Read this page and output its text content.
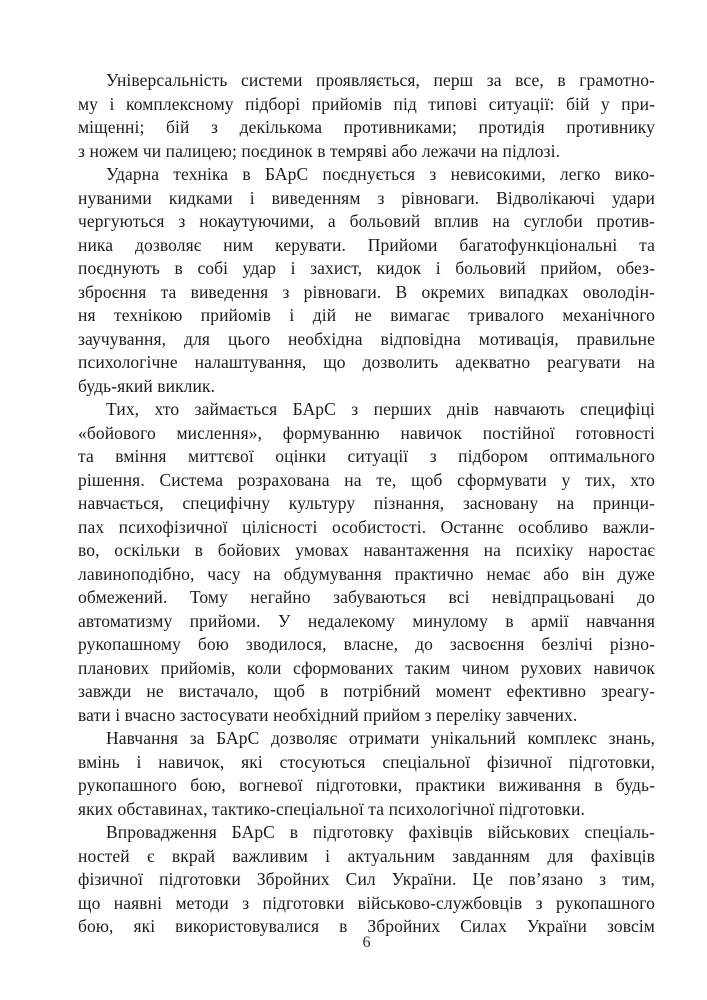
Універсальність системи проявляється, перш за все, в грамотно-
му і комплексному підборі прийомів під типові ситуації: бій у при-
міщенні; бій з декількома противниками; протидія противнику
з ножем чи палицею; поєдинок в темряві або лежачи на підлозі.
Ударна техніка в БАрС поєднується з невисокими, легко вико-
нуваними кидками і виведенням з рівноваги. Відволікаючі удари
чергуються з нокаутуючими, а больовий вплив на суглоби против-
ника дозволяє ним керувати. Прийоми багатофункціональні та
поєднують в собі удар і захист, кидок і больовий прийом, обез-
зброєння та виведення з рівноваги. В окремих випадках оволодін-
ня технікою прийомів і дій не вимагає тривалого механічного
заучування, для цього необхідна відповідна мотивація, правильне
психологічне налаштування, що дозволить адекватно реагувати на
будь-який виклик.
Тих, хто займається БАрС з перших днів навчають специфіці
«бойового мислення», формуванню навичок постійної готовності
та вміння миттєвої оцінки ситуації з підбором оптимального
рішення. Система розрахована на те, щоб сформувати у тих, хто
навчається, специфічну культуру пізнання, засновану на принци-
пах психофізичної цілісності особистості. Останнє особливо важли-
во, оскільки в бойових умовах навантаження на психіку наростає
лавиноподібно, часу на обдумування практично немає або він дуже
обмежений. Тому негайно забуваються всі невідпрацьовані до
автоматизму прийоми. У недалекому минулому в армії навчання
рукопашному бою зводилося, власне, до засвоєння безлічі різно-
планових прийомів, коли сформованих таким чином рухових навичок
завжди не вистачало, щоб в потрібний момент ефективно зреагу-
вати і вчасно застосувати необхідний прийом з переліку завчених.
Навчання за БАрС дозволяє отримати унікальний комплекс знань,
вмінь і навичок, які стосуються спеціальної фізичної підготовки,
рукопашного бою, вогневої підготовки, практики виживання в будь-
яких обставинах, тактико-спеціальної та психологічної підготовки.
Впровадження БАрС в підготовку фахівців військових спеціаль-
ностей є вкрай важливим і актуальним завданням для фахівців
фізичної підготовки Збройних Сил України. Це пов’язано з тим,
що наявні методи з підготовки військово-службовців з рукопашного
бою, які використовувалися в Збройних Силах України зовсім
6
